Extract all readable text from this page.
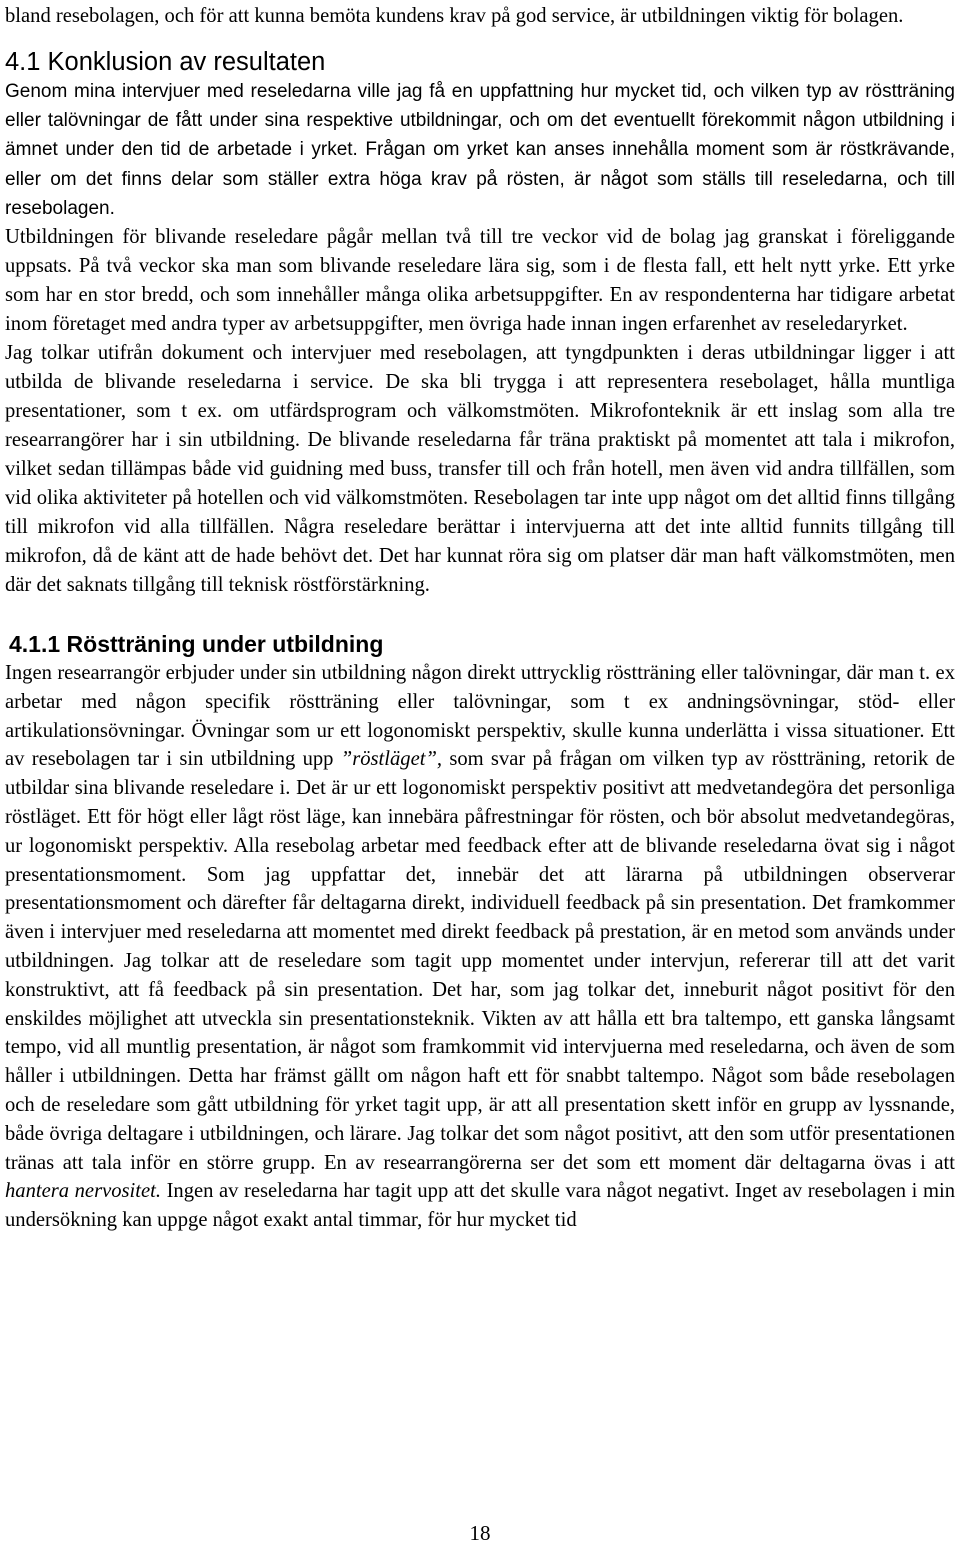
bland resebolagen, och för att kunna bemöta kundens krav på god service, är utbildningen viktig för bolagen.

4.1 Konklusion av resultaten

Genom mina intervjuer med reseledarna ville jag få en uppfattning hur mycket tid, och vilken typ av röstträning eller talövningar de fått under sina respektive utbildningar, och om det eventuellt förekommit någon utbildning i ämnet under den tid de arbetade i yrket. Frågan om yrket kan anses innehålla moment som är röstkrävande, eller om det finns delar som ställer extra höga krav på rösten, är något som ställs till reseledarna, och till resebolagen.

Utbildningen för blivande reseledare pågår mellan två till tre veckor vid de bolag jag granskat i föreliggande uppsats. På två veckor ska man som blivande reseledare lära sig, som i de flesta fall, ett helt nytt yrke. Ett yrke som har en stor bredd, och som innehåller många olika arbetsuppgifter. En av respondenterna har tidigare arbetat inom företaget med andra typer av arbetsuppgifter, men övriga hade innan ingen erfarenhet av reseledaryrket.

Jag tolkar utifrån dokument och intervjuer med resebolagen, att tyngdpunkten i deras utbildningar ligger i att utbilda de blivande reseledarna i service. De ska bli trygga i att representera resebolaget, hålla muntliga presentationer, som t ex. om utfärdsprogram och välkomstmöten. Mikrofonteknik är ett inslag som alla tre researrangörer har i sin utbildning. De blivande reseledarna får träna praktiskt på momentet att tala i mikrofon, vilket sedan tillämpas både vid guidning med buss, transfer till och från hotell, men även vid andra tillfällen, som vid olika aktiviteter på hotellen och vid välkomstmöten. Resebolagen tar inte upp något om det alltid finns tillgång till mikrofon vid alla tillfällen. Några reseledare berättar i intervjuerna att det inte alltid funnits tillgång till mikrofon, då de känt att de hade behövt det. Det har kunnat röra sig om platser där man haft välkomstmöten, men där det saknats tillgång till teknisk röstförstärkning.

4.1.1 Röstträning under utbildning

Ingen researrangör erbjuder under sin utbildning någon direkt uttrycklig röstträning eller talövningar, där man t. ex arbetar med någon specifik röstträning eller talövningar, som t ex andningsövningar, stöd- eller artikulationsövningar. Övningar som ur ett logonomiskt perspektiv, skulle kunna underlätta i vissa situationer. Ett av resebolagen tar i sin utbildning upp ”röstläget”, som svar på frågan om vilken typ av röstträning, retorik de utbildar sina blivande reseledare i. Det är ur ett logonomiskt perspektiv positivt att medvetandegöra det personliga röstläget. Ett för högt eller lågt röst läge, kan innebära påfrestningar för rösten, och bör absolut medvetandegöras, ur logonomiskt perspektiv. Alla resebolag arbetar med feedback efter att de blivande reseledarna övat sig i något presentationsmoment. Som jag uppfattar det, innebär det att lärarna på utbildningen observerar presentationsmoment och därefter får deltagarna direkt, individuell feedback på sin presentation. Det framkommer även i intervjuer med reseledarna att momentet med direkt feedback på prestation, är en metod som används under utbildningen. Jag tolkar att de reseledare som tagit upp momentet under intervjun, refererar till att det varit konstruktivt, att få feedback på sin presentation. Det har, som jag tolkar det, inneburit något positivt för den enskildes möjlighet att utveckla sin presentationsteknik. Vikten av att hålla ett bra taltempo, ett ganska långsamt tempo, vid all muntlig presentation, är något som framkommit vid intervjuerna med reseledarna, och även de som håller i utbildningen. Detta har främst gällt om någon haft ett för snabbt taltempo. Något som både resebolagen och de reseledare som gått utbildning för yrket tagit upp, är att all presentation skett inför en grupp av lyssnande, både övriga deltagare i utbildningen, och lärare. Jag tolkar det som något positivt, att den som utför presentationen tränas att tala inför en större grupp. En av researrangörerna ser det som ett moment där deltagarna övas i att hantera nervositet. Ingen av reseledarna har tagit upp att det skulle vara något negativt. Inget av resebolagen i min undersökning kan uppge något exakt antal timmar, för hur mycket tid

18
